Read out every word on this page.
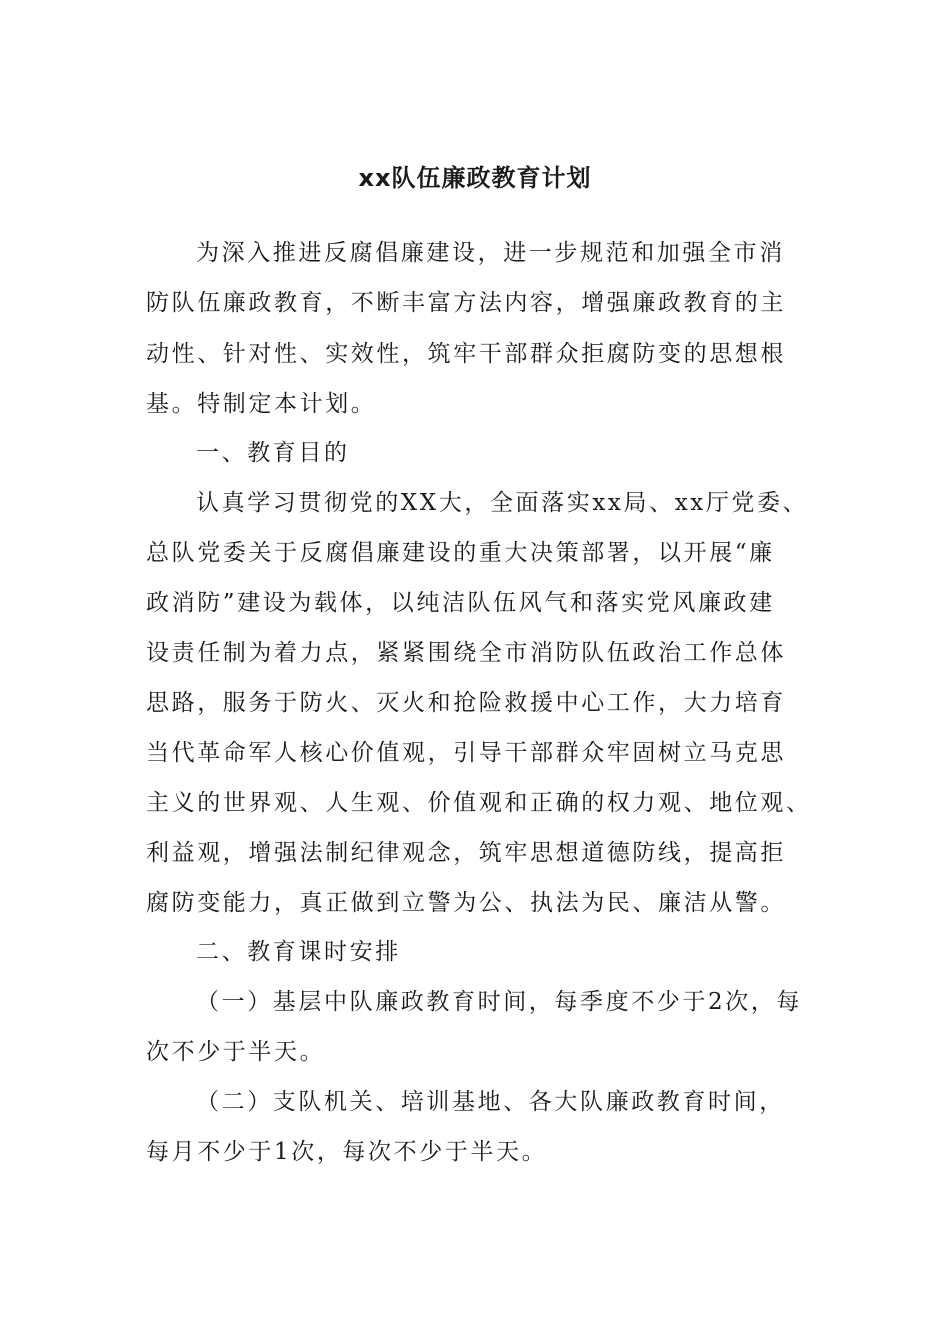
xx队伍廉政教育计划
为深入推进反腐倡廉建设，进一步规范和加强全市消
防队伍廉政教育，不断丰富方法内容，增强廉政教育的主
动性、针对性、实效性，筑牢干部群众拒腐防变的思想根
基。特制定本计划。
一、教育目的
认真学习贯彻党的XX大，全面落实xx局、xx厅党委、
总队党委关于反腐倡廉建设的重大决策部署，以开展“廉
政消防”建设为载体，以纯洁队伍风气和落实党风廉政建
设责任制为着力点，紧紧围绕全市消防队伍政治工作总体
思路，服务于防火、灭火和抢险救援中心工作，大力培育
当代革命军人核心价值观，引导干部群众牢固树立马克思
主义的世界观、人生观、价值观和正确的权力观、地位观、
利益观，增强法制纪律观念，筑牢思想道德防线，提高拒
腐防变能力，真正做到立警为公、执法为民、廉洁从警。
二、教育课时安排
（一）基层中队廉政教育时间，每季度不少于2次，每
次不少于半天。
（二）支队机关、培训基地、各大队廉政教育时间，
每月不少于1次，每次不少于半天。
